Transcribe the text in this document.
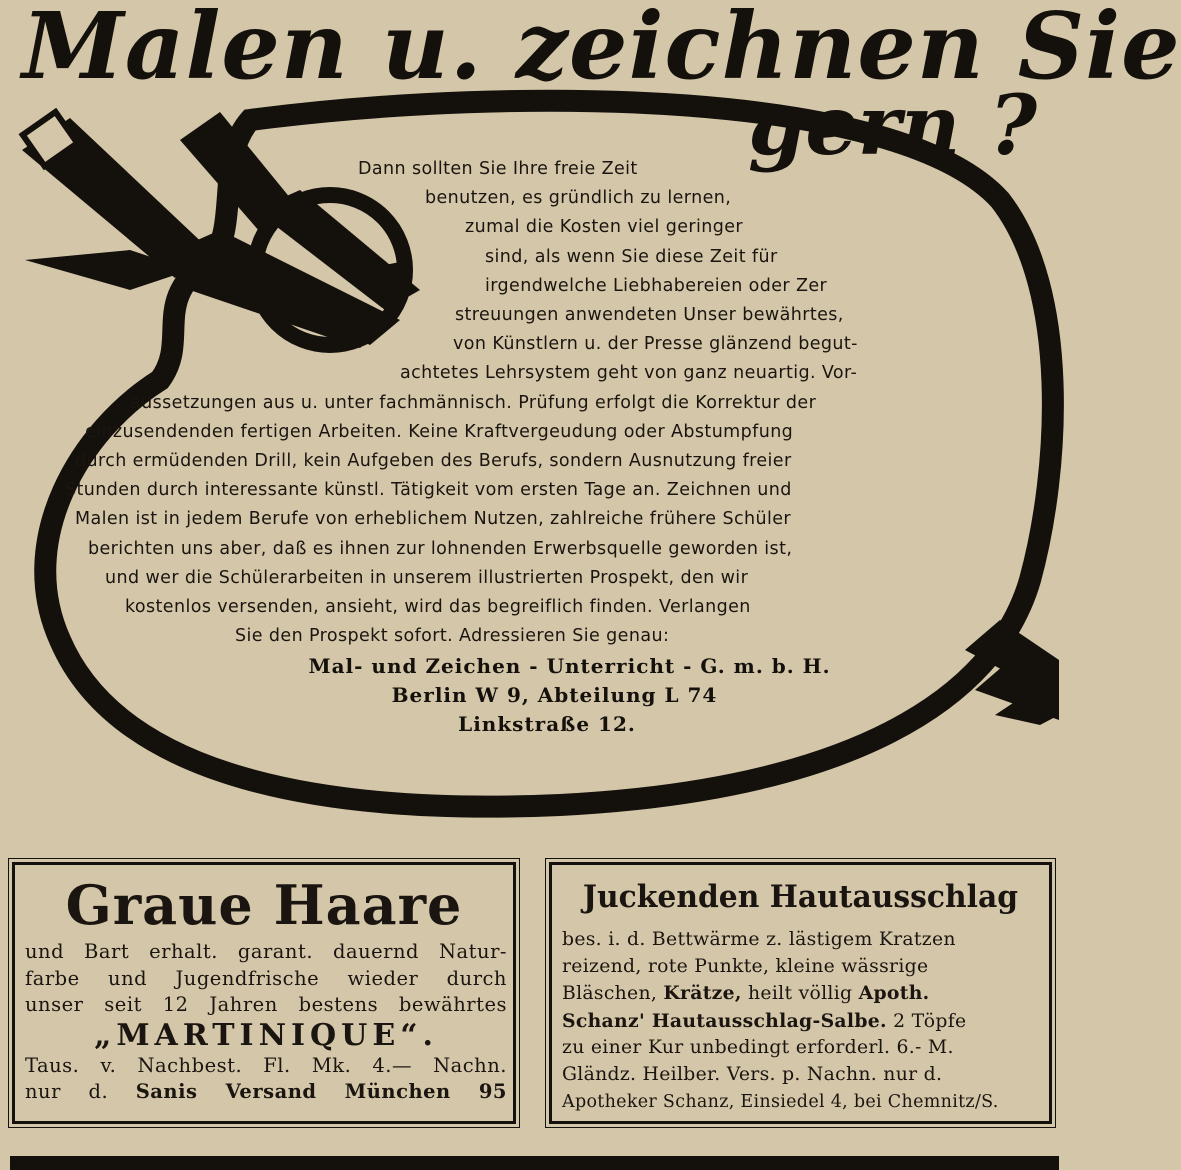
Malen u. zeichnen Sie
gern ?
Dann sollten Sie Ihre freie Zeit
benutzen, es gründlich zu lernen,
zumal die Kosten viel geringer
sind, als wenn Sie diese Zeit für
irgendwelche Liebhabereien oder Zer
streuungen anwendeten Unser bewährtes,
von Künstlern u. der Presse glänzend begut-
achtetes Lehrsystem geht von ganz neuartig. Vor-
aussetzungen aus u. unter fachmännisch. Prüfung erfolgt die Korrektur der
einzusendenden fertigen Arbeiten. Keine Kraftvergeudung oder Abstumpfung
durch ermüdenden Drill, kein Aufgeben des Berufs, sondern Ausnutzung freier
Stunden durch interessante künstl. Tätigkeit vom ersten Tage an. Zeichnen und
Malen ist in jedem Berufe von erheblichem Nutzen, zahlreiche frühere Schüler
berichten uns aber, daß es ihnen zur lohnenden Erwerbsquelle geworden ist,
und wer die Schülerarbeiten in unserem illustrierten Prospekt, den wir
kostenlos versenden, ansieht, wird das begreiflich finden. Verlangen
Sie den Prospekt sofort. Adressieren Sie genau:
Mal- und Zeichen - Unterricht - G. m. b. H.
Berlin W 9, Abteilung L 74
Linkstraße 12.
Graue Haare
und Bart erhalt. garant. dauernd Natur-
farbe und Jugendfrische wieder durch
unser seit 12 Jahren bestens bewährtes
„MARTINIQUE“.
Taus. v. Nachbest. Fl. Mk. 4.— Nachn.
nur d. Sanis Versand München 95
Juckenden Hautausschlag
bes. i. d. Bettwärme z. lästigem Kratzen
reizend, rote Punkte, kleine wässrige
Bläschen, Krätze, heilt völlig Apoth.
Schanz' Hautausschlag-Salbe. 2 Töpfe
zu einer Kur unbedingt erforderl. 6.- M.
Gländz. Heilber. Vers. p. Nachn. nur d.
Apotheker Schanz, Einsiedel 4, bei Chemnitz/S.
